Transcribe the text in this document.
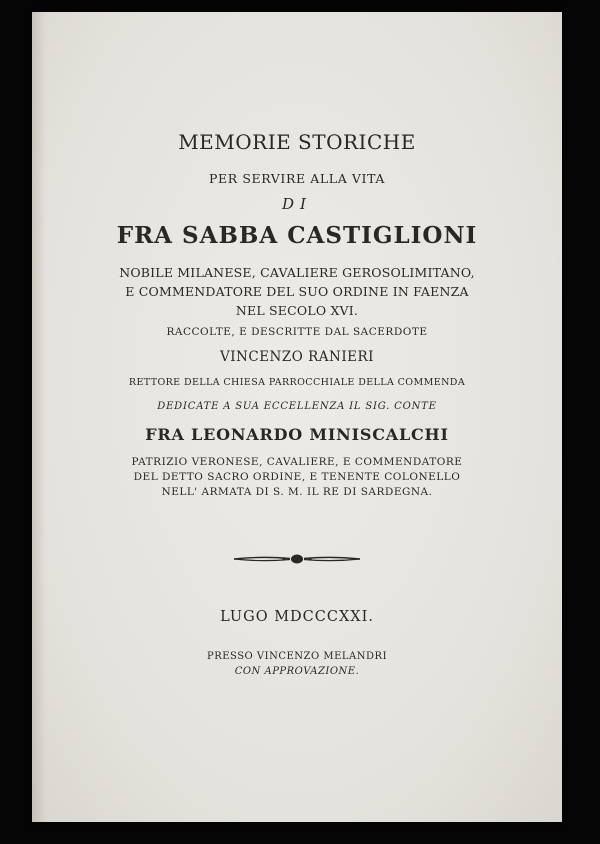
MEMORIE STORICHE
PER SERVIRE ALLA VITA
DI
FRA SABBA CASTIGLIONI
NOBILE MILANESE, CAVALIERE GEROSOLIMITANO,
E COMMENDATORE DEL SUO ORDINE IN FAENZA
NEL SECOLO XVI.
RACCOLTE, E DESCRITTE DAL SACERDOTE
VINCENZO RANIERI
RETTORE DELLA CHIESA PARROCCHIALE DELLA COMMENDA
DEDICATE A SUA ECCELLENZA IL SIG. CONTE
FRA LEONARDO MINISCALCHI
PATRIZIO VERONESE, CAVALIERE, E COMMENDATORE
DEL DETTO SACRO ORDINE, E TENENTE COLONELLO
NELL' ARMATA DI S. M. IL RE DI SARDEGNA.
LUGO MDCCCXXI.
PRESSO VINCENZO MELANDRI
CON APPROVAZIONE.
